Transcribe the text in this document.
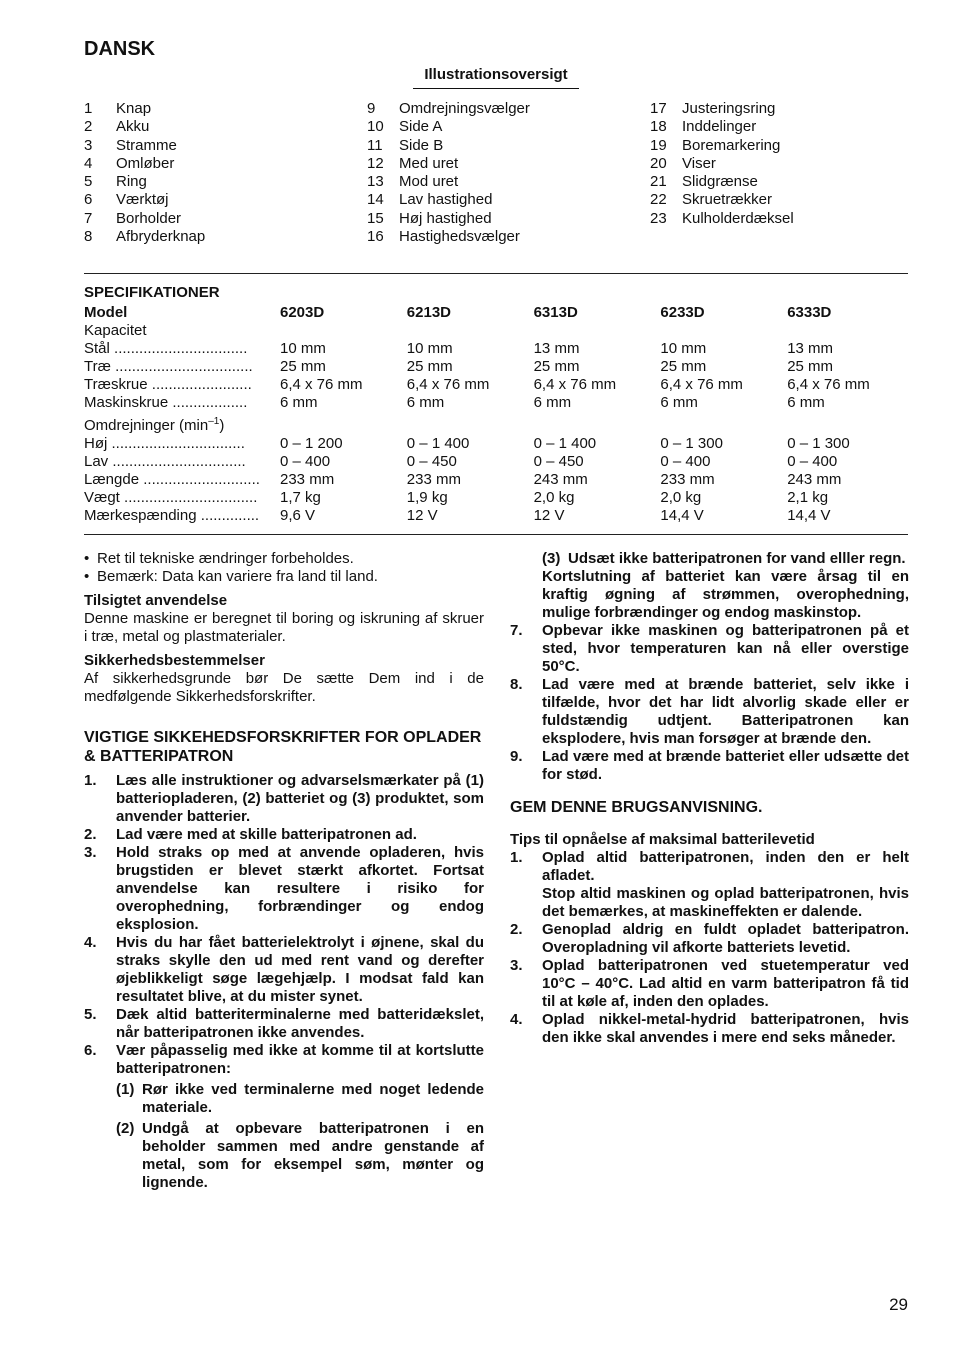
DANSK
Illustrationsoversigt
1	Knap
2	Akku
3	Stramme
4	Omløber
5	Ring
6	Værktøj
7	Borholder
8	Afbryderknap
9	Omdrejningsvælger
10	Side A
11	Side B
12	Med uret
13	Mod uret
14	Lav hastighed
15	Høj hastighed
16	Hastighedsvælger
17	Justeringsring
18	Inddelinger
19	Boremarkering
20	Viser
21	Slidgrænse
22	Skruetrækker
23	Kulholderdæksel
SPECIFIKATIONER
Model	6203D	6213D	6313D	6233D	6333D
Kapacitet					
Stål ................................	10 mm	10 mm	13 mm	10 mm	13 mm
Træ .................................	25 mm	25 mm	25 mm	25 mm	25 mm
Træskrue ........................	6,4 x 76 mm	6,4 x 76 mm	6,4 x 76 mm	6,4 x 76 mm	6,4 x 76 mm
Maskinskrue ..................	6 mm	6 mm	6 mm	6 mm	6 mm
Omdrejninger $(\min^{-1})$					
Høj ................................	0 – 1 200	0 – 1 400	0 – 1 400	0 – 1 300	0 – 1 300
Lav ................................	0 – 400	0 – 450	0 – 450	0 – 400	0 – 400
Længde ............................	233 mm	233 mm	243 mm	233 mm	243 mm
Vægt ................................	1,7 kg	1,9 kg	2,0 kg	2,0 kg	2,1 kg
Mærkespænding ..............	9,6 V	12 V	12 V	14,4 V	14,4 V
• Ret til tekniske ændringer forbeholdes.
• Bemærk: Data kan variere fra land til land.
Tilsigtet anvendelse
Denne maskine er beregnet til boring og iskruning af skruer i træ, metal og plastmaterialer.
Sikkerhedsbestemmelser
Af sikkerhedsgrunde bør De sætte Dem ind i de medfølgende Sikkerhedsforskrifter.
VIGTIGE SIKKEHEDSFORSKRIFTER FOR OPLADER & BATTERIPATRON
1.	Læs alle instruktioner og advarselsmærkater på (1) batteriopladeren, (2) batteriet og (3) produktet, som anvender batterier.
2.	Lad være med at skille batteripatronen ad.
3.	Hold straks op med at anvende opladeren, hvis brugstiden er blevet stærkt afkortet. Fortsat anvendelse kan resultere i risiko for overophedning, forbrændinger og endog eksplosion.
4.	Hvis du har fået batterielektrolyt i øjnene, skal du straks skylle den ud med rent vand og derefter øjeblikkeligt søge lægehjælp. I modsat fald kan resultatet blive, at du mister synet.
5.	Dæk altid batteriterminalerne med batteridækslet, når batteripatronen ikke anvendes.
6.	Vær påpasselig med ikke at komme til at kortslutte batteripatronen:
(1) Rør ikke ved terminalerne med noget ledende materiale.
(2) Undgå at opbevare batteripatronen i en beholder sammen med andre genstande af metal, som for eksempel søm, mønter og lignende.
(3) Udsæt ikke batteripatronen for vand elller regn.
Kortslutning af batteriet kan være årsag til en kraftig øgning af strømmen, overophedning, mulige forbrændinger og endog maskinstop.
7.	Opbevar ikke maskinen og batteripatronen på et sted, hvor temperaturen kan nå eller overstige 50°C.
8.	Lad være med at brænde batteriet, selv ikke i tilfælde, hvor det har lidt alvorlig skade eller er fuldstændig udtjent. Batteripatronen kan eksplodere, hvis man forsøger at brænde den.
9.	Lad være med at brænde batteriet eller udsætte det for stød.
GEM DENNE BRUGSANVISNING.
Tips til opnåelse af maksimal batterilevetid
1.	Oplad altid batteripatronen, inden den er helt afladet.
Stop altid maskinen og oplad batteripatronen, hvis det bemærkes, at maskineffekten er dalende.
2.	Genoplad aldrig en fuldt opladet batteripatron. Overopladning vil afkorte batteriets levetid.
3.	Oplad batteripatronen ved stuetemperatur ved 10°C – 40°C. Lad altid en varm batteripatron få tid til at køle af, inden den oplades.
4.	Oplad nikkel-metal-hydrid batteripatronen, hvis den ikke skal anvendes i mere end seks måneder.
29
